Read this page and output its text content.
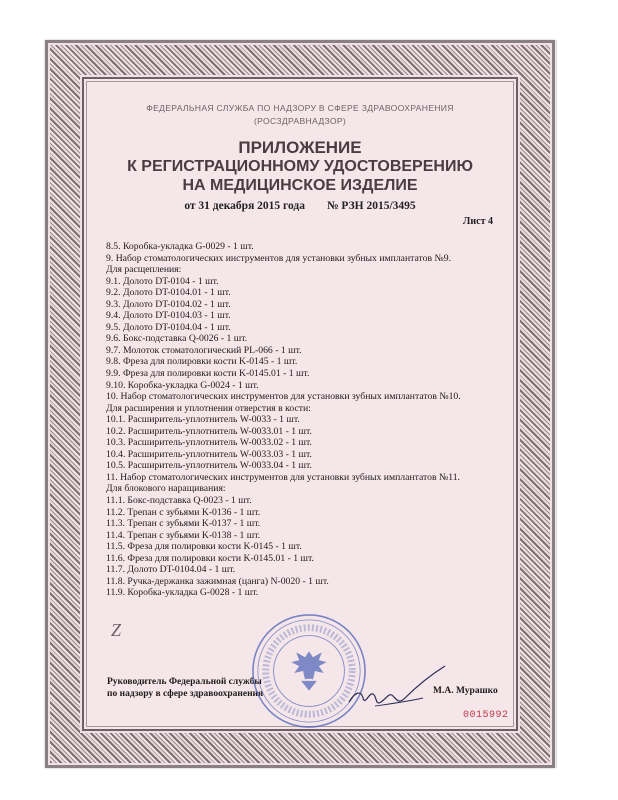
ФЕДЕРАЛЬНАЯ СЛУЖБА ПО НАДЗОРУ В СФЕРЕ ЗДРАВООХРАНЕНИЯ
(РОСЗДРАВНАДЗОР)
ПРИЛОЖЕНИЕ
К РЕГИСТРАЦИОННОМУ УДОСТОВЕРЕНИЮ
НА МЕДИЦИНСКОЕ ИЗДЕЛИЕ
от 31 декабря 2015 года № РЗН 2015/3495
Лист 4
8.5. Коробка-укладка G-0029 - 1 шт.
9. Набор стоматологических инструментов для установки зубных имплантатов №9.
Для расщепления:
9.1. Долото DT-0104 - 1 шт.
9.2. Долото DT-0104.01 - 1 шт.
9.3. Долото DT-0104.02 - 1 шт.
9.4. Долото DT-0104.03 - 1 шт.
9.5. Долото DT-0104.04 - 1 шт.
9.6. Бокс-подставка Q-0026 - 1 шт.
9.7. Молоток стоматологический PL-066 - 1 шт.
9.8. Фреза для полировки кости K-0145 - 1 шт.
9.9. Фреза для полировки кости K-0145.01 - 1 шт.
9.10. Коробка-укладка G-0024 - 1 шт.
10. Набор стоматологических инструментов для установки зубных имплантатов №10.
Для расширения и уплотнения отверстия в кости:
10.1. Расширитель-уплотнитель W-0033 - 1 шт.
10.2. Расширитель-уплотнитель W-0033.01 - 1 шт.
10.3. Расширитель-уплотнитель W-0033.02 - 1 шт.
10.4. Расширитель-уплотнитель W-0033.03 - 1 шт.
10.5. Расширитель-уплотнитель W-0033.04 - 1 шт.
11. Набор стоматологических инструментов для установки зубных имплантатов №11.
Для блокового наращивания:
11.1. Бокс-подставка Q-0023 - 1 шт.
11.2. Трепан с зубьями K-0136 - 1 шт.
11.3. Трепан с зубьями K-0137 - 1 шт.
11.4. Трепан с зубьями K-0138 - 1 шт.
11.5. Фреза для полировки кости K-0145 - 1 шт.
11.6. Фреза для полировки кости K-0145.01 - 1 шт.
11.7. Долото DT-0104.04 - 1 шт.
11.8. Ручка-держанка зажимная (цанга) N-0020 - 1 шт.
11.9. Коробка-укладка G-0028 - 1 шт.
Z
Руководитель Федеральной службы
по надзору в сфере здравоохранения	М.А. Мурашко
0015992
